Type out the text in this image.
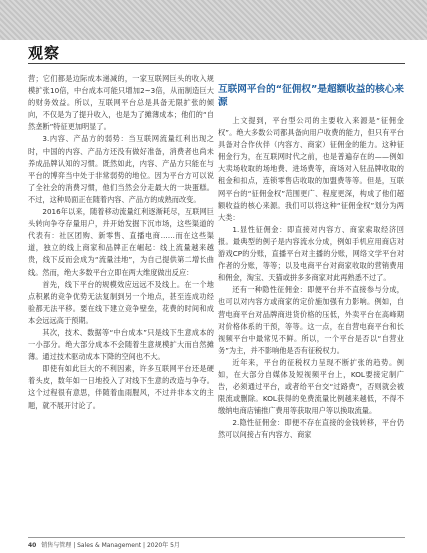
观察

营；它们都是边际成本递减的，一家互联网巨头的收入规模扩张10倍，中台成本可能只增加2~3倍，从而制造巨大的财务效益。所以，互联网平台总是具备无限扩张的倾向，不仅是为了提升收入，也是为了摊薄成本；他们的“自然垄断”特征更加明显了。

3.内容、产品方的弱势：当互联网流量红利出现之时，中国的内容、产品方还没有做好准备，消费者也尚未养成品牌认知的习惯。既然如此，内容、产品方只能在与平台的博弈当中处于非常弱势的地位。因为平台方可以说了全社会的消费习惯，他们当然会分走最大的一块蛋糕。不过，这种局面正在随着内容、产品方的成熟而改变。

2016年以来，随着移动流量红利逐渐耗尽，互联网巨头转向争夺存量用户，并开始发掘下沉市场，这些渠道的代表有：社区团购、新零售、直播电商……而在这些渠道，独立的线上商家和品牌正在崛起：线上流量越来越贵，线下反而会成为“流量洼地”，为自己提供第二增长曲线。然而，绝大多数平台立即在两大维度做出反应：

首先，线下平台的规模效应远远不及线上。在一个地点积累的竞争优势无法复制到另一个地点，甚至连成功经验都无法平移。要在线下建立竞争壁垒，花费的时间和成本会远远高于预期。

其次，技术、数据等“中台成本”只是线下生意成本的一小部分。绝大部分成本不会随着生意规模扩大而自然摊薄。通过技术驱动成本下降的空间也不大。

即使有如此巨大的不利因素，许多互联网平台还是硬着头皮，数年如一日地投入了对线下生意的改造与争夺。这个过程很有意思，伴随着血雨腥风，不过并非本文的主题，就不展开讨论了。

互联网平台的“征佣权”是超额收益的核心来源

上文提到，平台型公司的主要收入来源是“征佣金权”。绝大多数公司都具备向用户收费的能力，但只有平台具备对合作伙伴（内容方、商家）征佣金的能力。这种征佣金行为，在互联网时代之前，也是普遍存在的——例如大卖场收取的场地费、进场费等，商场对入驻品牌收取的租金和扣点，连锁零售店收取的加盟费等等。但是，互联网平台的“征佣金权”范围更广、程度更深，构成了他们超额收益的核心来源。我们可以将这种“征佣金权”划分为两大类：

1.显性征佣金：即直接对内容方、商家索取经济回报。最典型的例子是内容流水分成，例如手机应用商店对游戏CP的分账，直播平台对主播的分账，网络文学平台对作者的分账，等等；以及电商平台对商家收取的营销费用和佣金，淘宝、天猫或拼多多商家对此再熟悉不过了。

还有一种隐性征佣金：即便平台并不直接参与分成，也可以对内容方或商家的定价施加强有力影响。例如，自营电商平台对品牌商进货价格的压低，外卖平台在高峰期对价格体系的干预，等等。这一点，在自营电商平台和长视频平台中最常见不鲜。所以，一个平台是否以“自营业务”为主，并不影响他是否有征税权力。

近年来，平台的征税权力呈现不断扩张的趋势。例如，在大部分自媒体及短视频平台上，KOL要接定制广告，必须通过平台，或者给平台交“过路费”，否则就会被限流或删除。KOL获得的免费流量比例越来越低，不得不缴纳电商店铺推广费用等获取用户等以换取流量。

2.隐性征佣金：即便不存在直接的金钱转移，平台仍然可以间接占有内容方、商家

40 销售与管理 | Sales & Management | 2020年 5月
